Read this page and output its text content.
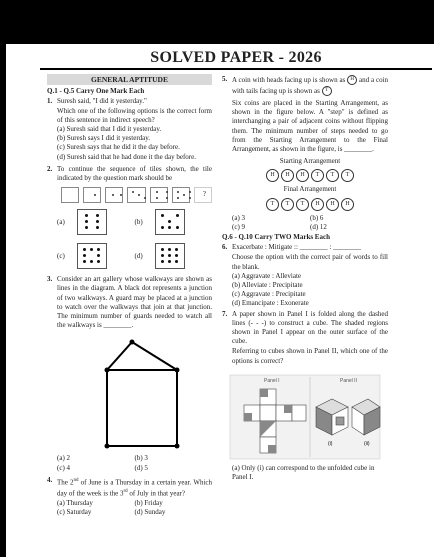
SOLVED PAPER - 2026
GENERAL APTITUDE
Q.1 - Q.5 Carry One Mark Each
1. Suresh said, "I did it yesterday."
Which one of the following options is the correct form of this sentence in indirect speech?
(a) Suresh said that I did it yesterday.
(b) Suresh says I did it yesterday.
(c) Suresh says that he did it the day before.
(d) Suresh said that he had done it the day before.
2. To continue the sequence of tiles shown, the tile indicated by the question mark should be
?
(a)	(b)
(c)	(d)
3. Consider an art gallery whose walkways are shown as lines in the diagram. A black dot represents a junction of two walkways. A guard may be placed at a junction to watch over the walkways that join at that junction. The minimum number of guards needed to watch all the walkways is ________.
(a) 2	(b) 3
(c) 4	(d) 5
4. The 2nd of June is a Thursday in a certain year. Which day of the week is the 3rd of July in that year?
(a) Thursday	(b) Friday
(c) Saturday	(d) Sunday
5. A coin with heads facing up is shown as H and a coin with tails facing up is shown as T
Six coins are placed in the Starting Arrangement, as shown in the figure below. A "step" is defined as interchanging a pair of adjacent coins without flipping them. The minimum number of steps needed to go from the Starting Arrangement to the Final Arrangement, as shown in the figure, is ________.
Starting Arrangement
H	H	H	T	T	T
Final Arrangement
T	T	T	H	H	H
(a) 3	(b) 6
(c) 9	(d) 12
Q.6 - Q.10 Carry TWO Marks Each
6. Exacerbate : Mitigate :: ________ : ________
Choose the option with the correct pair of words to fill the blank.
(a) Aggravate : Alleviate
(b) Alleviate : Precipitate
(c) Aggravate : Precipitate
(d) Emancipate : Exonerate
7. A paper shown in Panel I is folded along the dashed lines (- - -) to construct a cube. The shaded regions shown in Panel I appear on the outer surface of the cube.
Referring to cubes shown in Panel II, which one of the options is correct?
Panel I	Panel II
(i)	(ii)
(a) Only (i) can correspond to the unfolded cube in Panel I.
